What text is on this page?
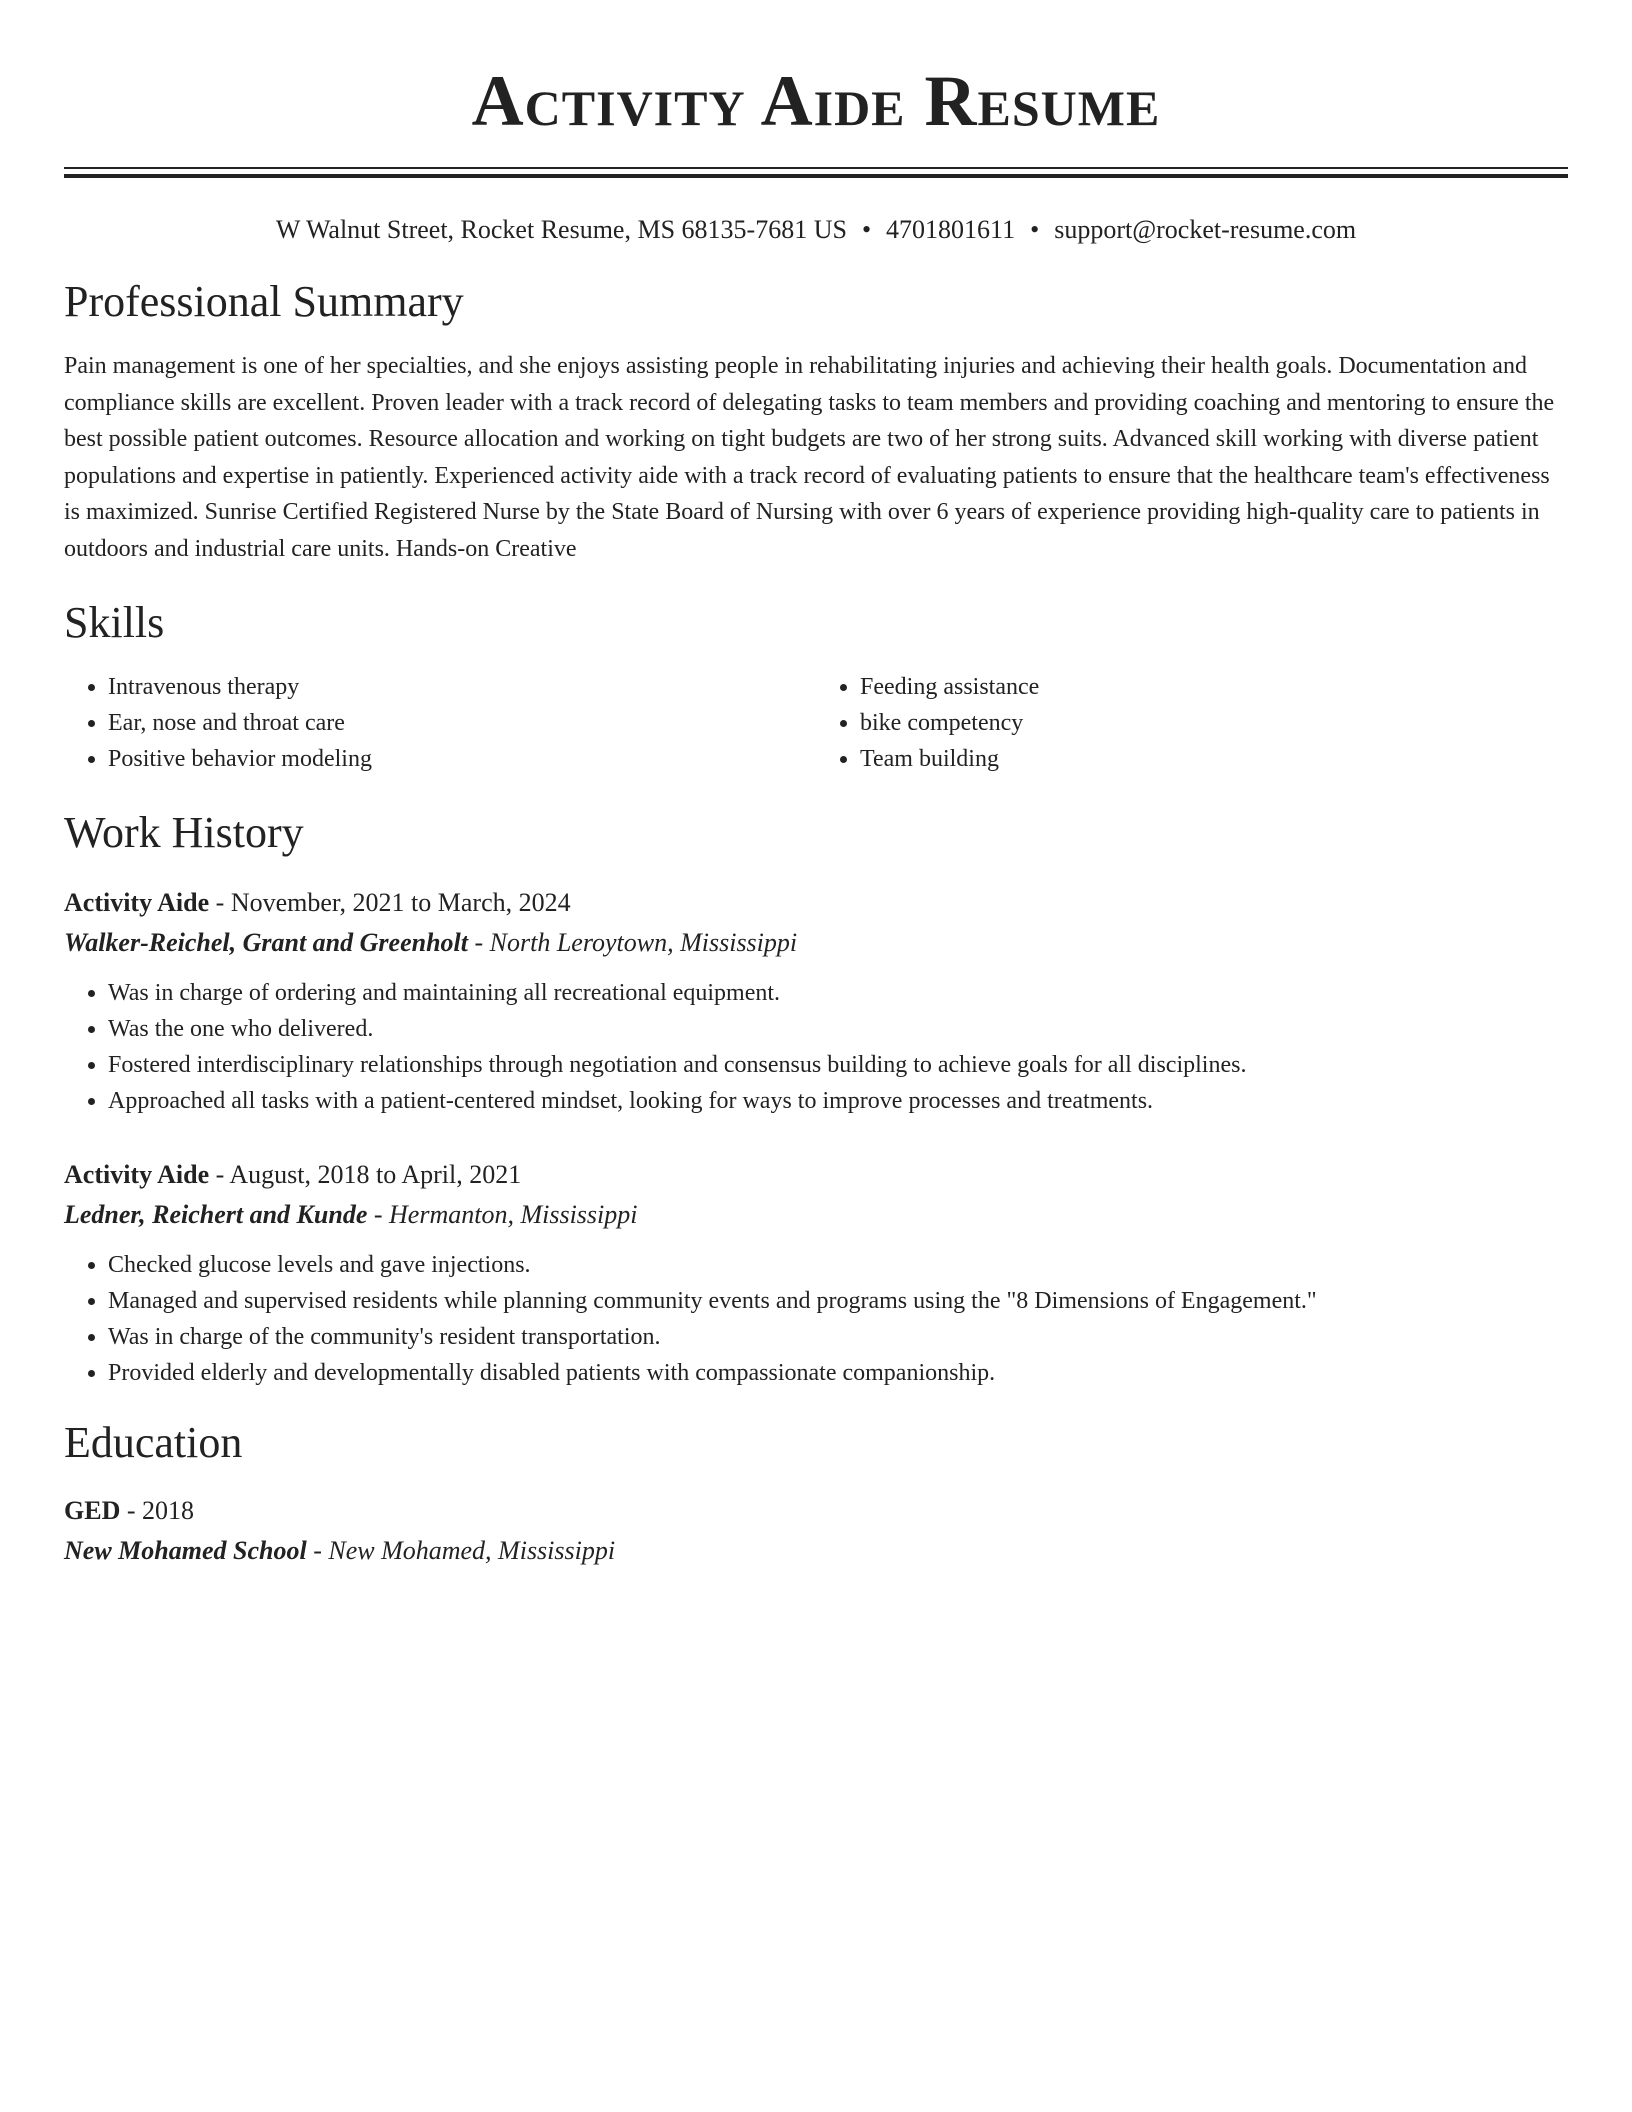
Activity Aide Resume
W Walnut Street, Rocket Resume, MS 68135-7681 US • 4701801611 • support@rocket-resume.com
Professional Summary

Pain management is one of her specialties, and she enjoys assisting people in rehabilitating injuries and achieving their health goals. Documentation and compliance skills are excellent. Proven leader with a track record of delegating tasks to team members and providing coaching and mentoring to ensure the best possible patient outcomes. Resource allocation and working on tight budgets are two of her strong suits. Advanced skill working with diverse patient populations and expertise in patiently. Experienced activity aide with a track record of evaluating patients to ensure that the healthcare team's effectiveness is maximized. Sunrise Certified Registered Nurse by the State Board of Nursing with over 6 years of experience providing high-quality care to patients in outdoors and industrial care units. Hands-on Creative

Skills
• Intravenous therapy
• Ear, nose and throat care
• Positive behavior modeling
• Feeding assistance
• bike competency
• Team building
Work History
Activity Aide - November, 2021 to March, 2024
Walker-Reichel, Grant and Greenholt - North Leroytown, Mississippi
• Was in charge of ordering and maintaining all recreational equipment.
• Was the one who delivered.
• Fostered interdisciplinary relationships through negotiation and consensus building to achieve goals for all disciplines.
• Approached all tasks with a patient-centered mindset, looking for ways to improve processes and treatments.
Activity Aide - August, 2018 to April, 2021
Ledner, Reichert and Kunde - Hermanton, Mississippi
• Checked glucose levels and gave injections.
• Managed and supervised residents while planning community events and programs using the "8 Dimensions of Engagement."
• Was in charge of the community's resident transportation.
• Provided elderly and developmentally disabled patients with compassionate companionship.
Education
GED - 2018
New Mohamed School - New Mohamed, Mississippi
